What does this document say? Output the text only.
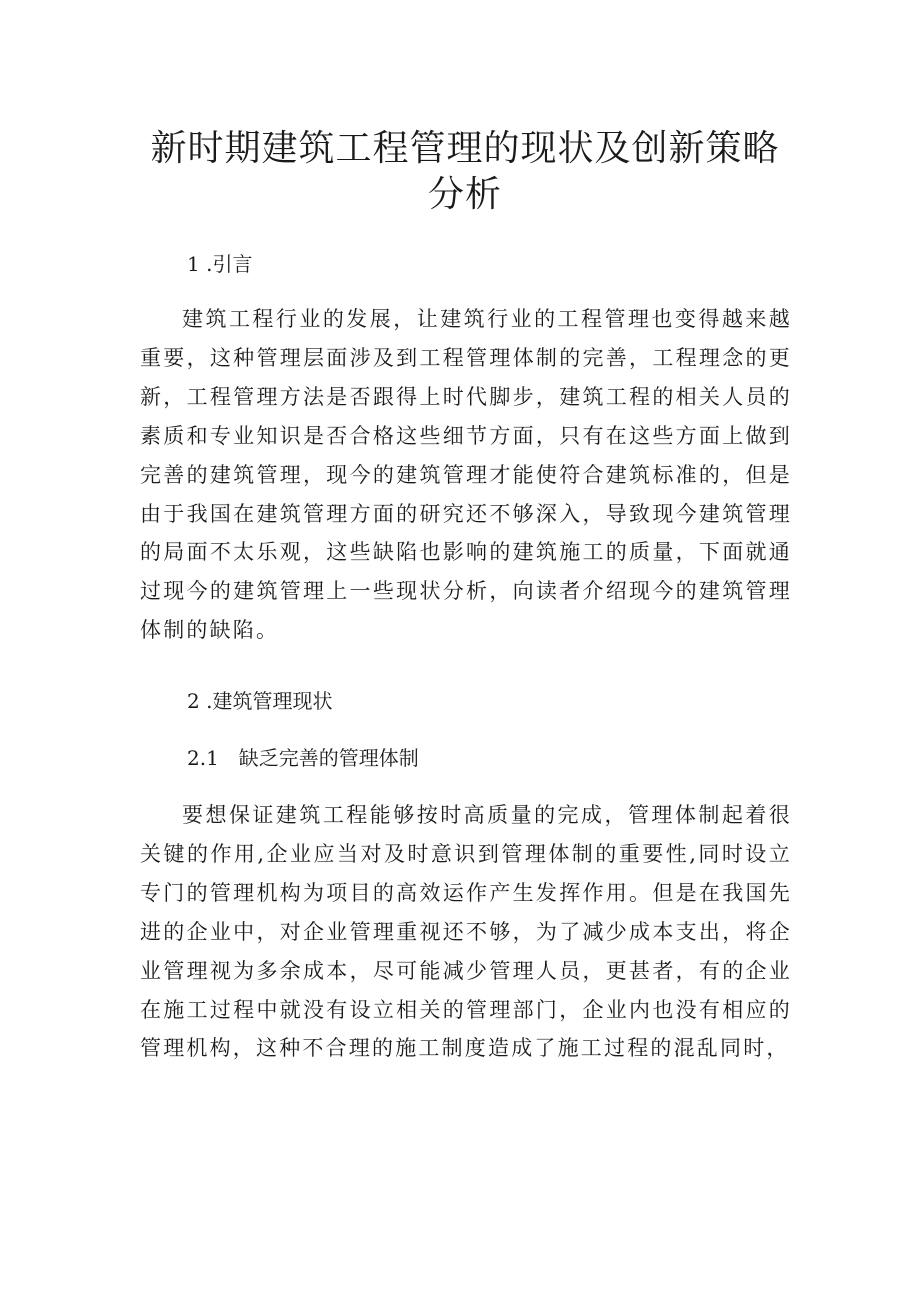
新时期建筑工程管理的现状及创新策略分析
1 .引言

建筑工程行业的发展，让建筑行业的工程管理也变得越来越重要，这种管理层面涉及到工程管理体制的完善，工程理念的更新，工程管理方法是否跟得上时代脚步，建筑工程的相关人员的素质和专业知识是否合格这些细节方面，只有在这些方面上做到完善的建筑管理，现今的建筑管理才能使符合建筑标准的，但是由于我国在建筑管理方面的研究还不够深入，导致现今建筑管理的局面不太乐观，这些缺陷也影响的建筑施工的质量，下面就通过现今的建筑管理上一些现状分析，向读者介绍现今的建筑管理体制的缺陷。

2 .建筑管理现状
2.1　缺乏完善的管理体制

要想保证建筑工程能够按时高质量的完成，管理体制起着很关键的作用,企业应当对及时意识到管理体制的重要性,同时设立专门的管理机构为项目的高效运作产生发挥作用。但是在我国先进的企业中，对企业管理重视还不够，为了减少成本支出，将企业管理视为多余成本，尽可能减少管理人员，更甚者，有的企业在施工过程中就没有设立相关的管理部门，企业内也没有相应的管理机构，这种不合理的施工制度造成了施工过程的混乱同时，
